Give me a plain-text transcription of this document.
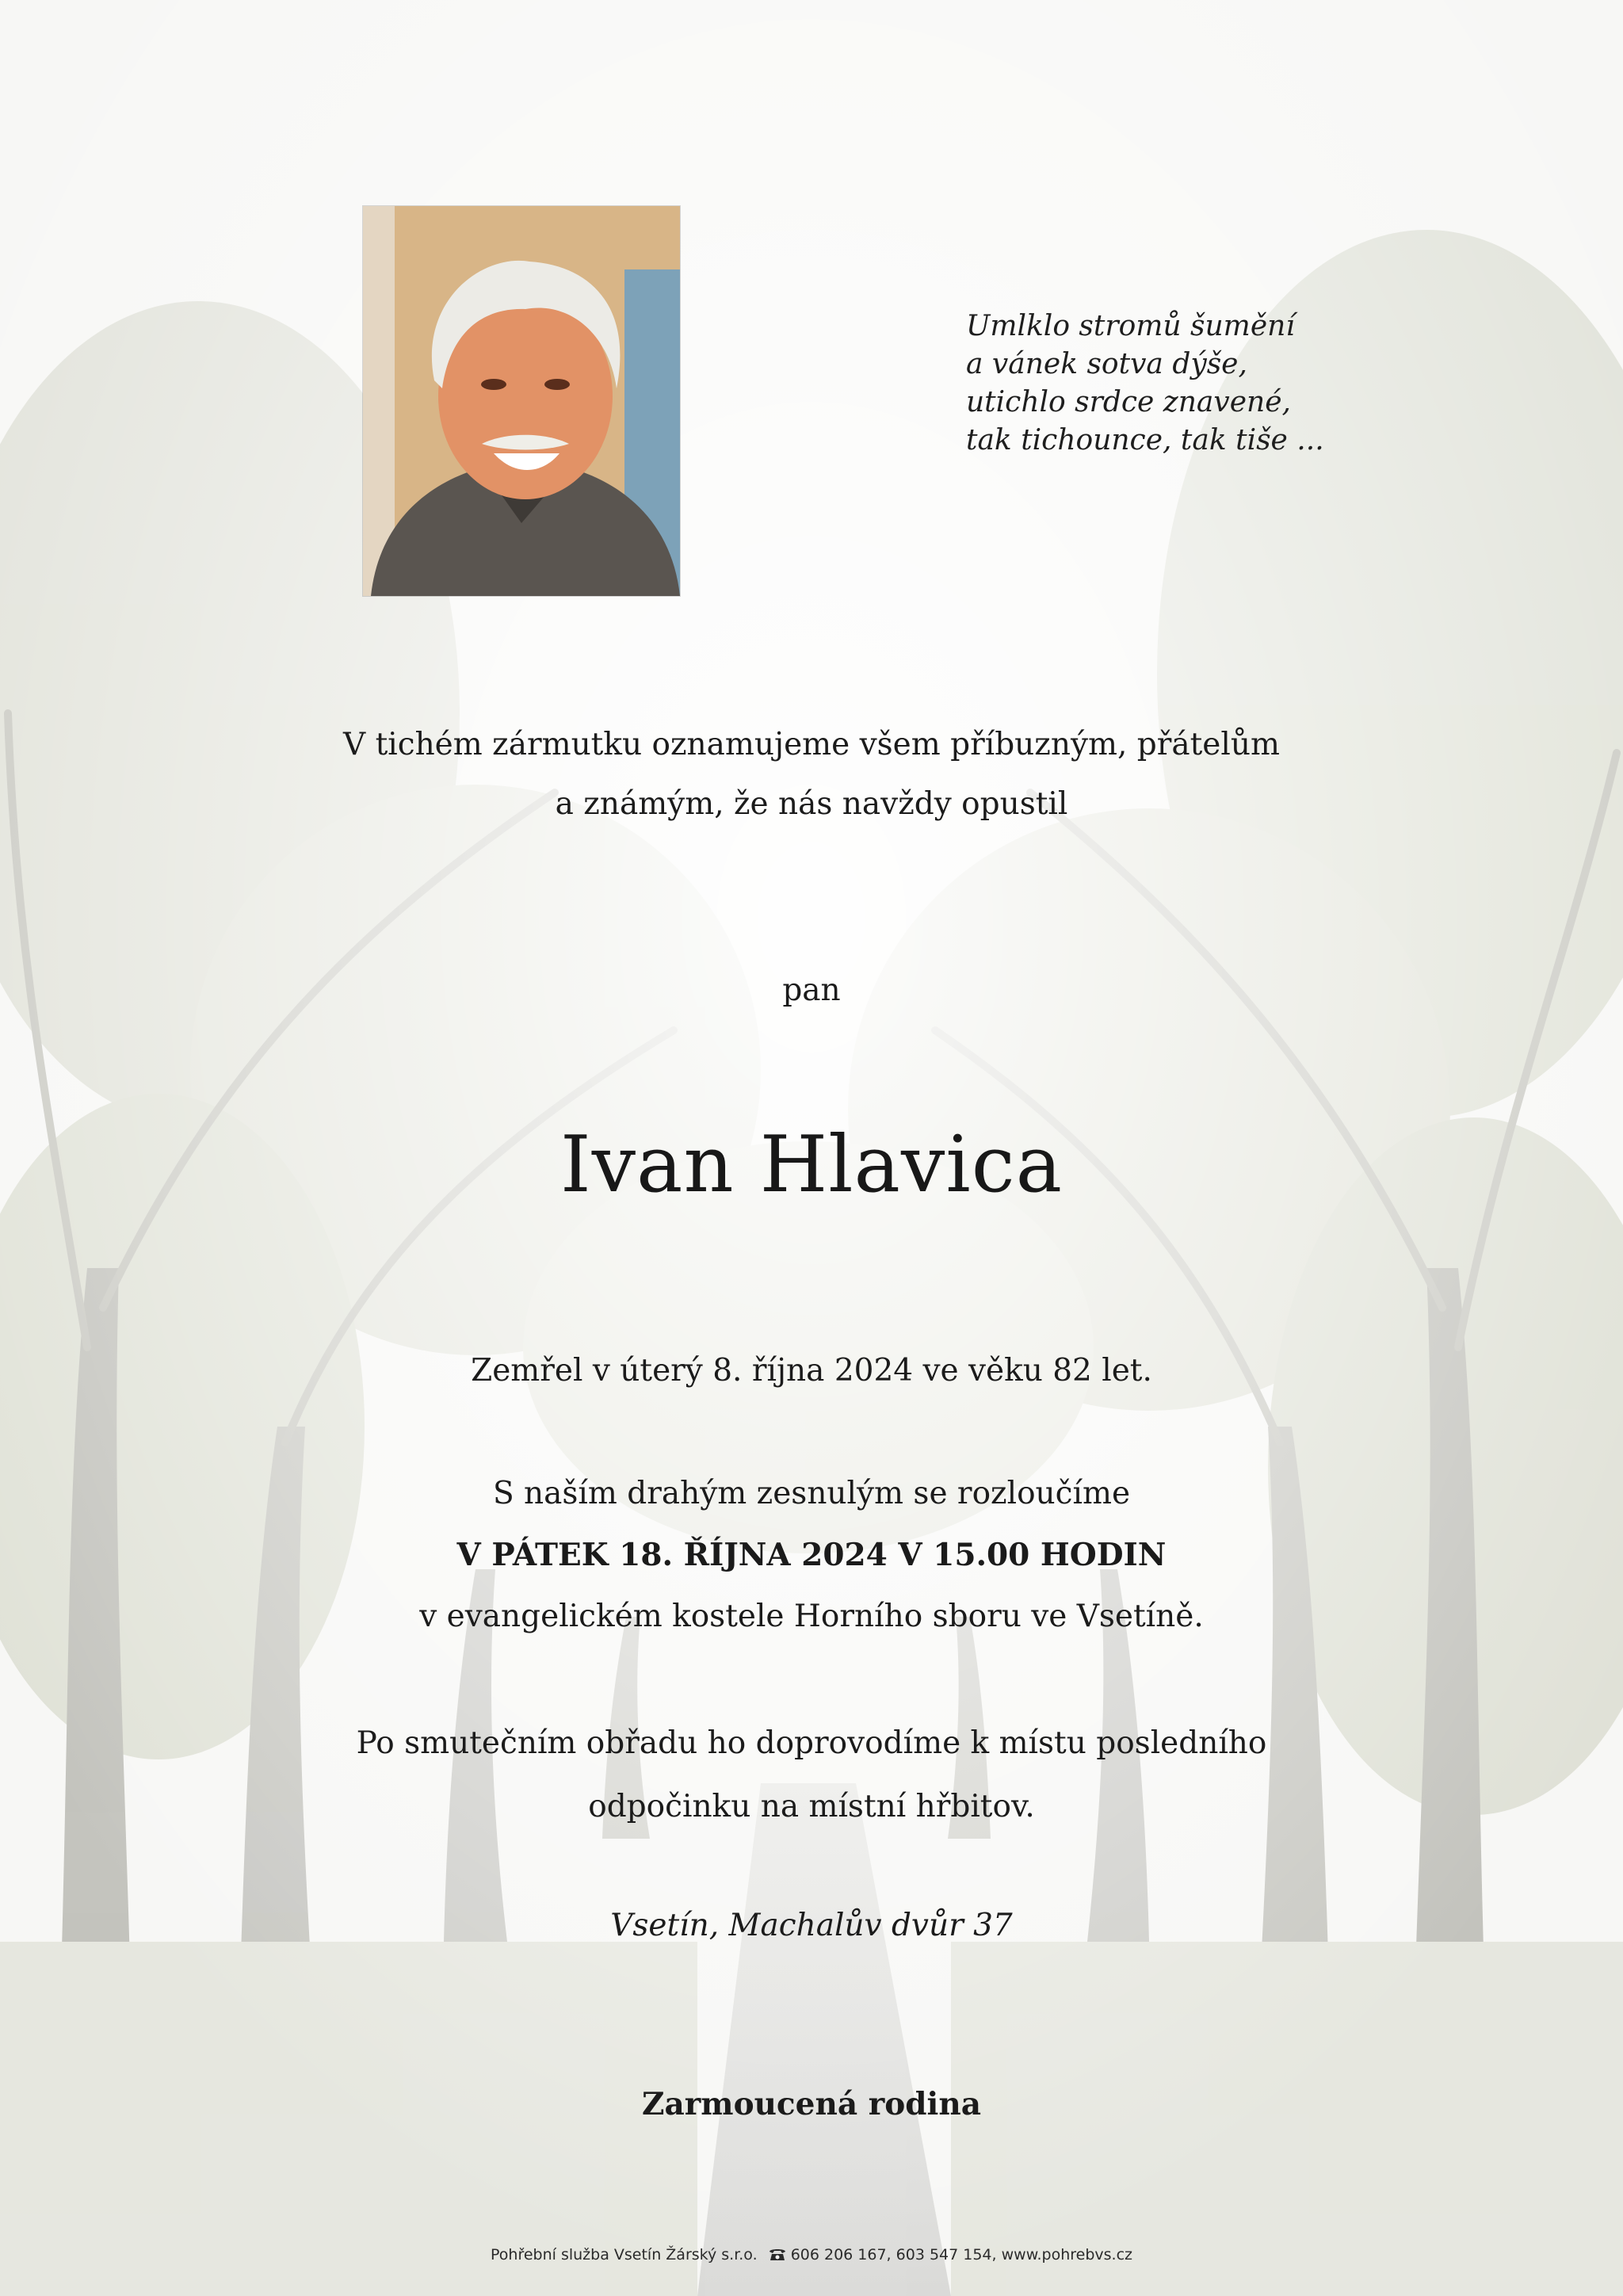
Umlklo stromů šumění
a vánek sotva dýše,
utichlo srdce znavené,
tak tichounce, tak tiše ...
V tichém zármutku oznamujeme všem příbuzným, přátelům
a známým, že nás navždy opustil
pan
Ivan Hlavica
Zemřel v úterý 8. října 2024 ve věku 82 let.
S naším drahým zesnulým se rozloučíme
V PÁTEK 18. ŘÍJNA 2024 V 15.00 HODIN
v evangelickém kostele Horního sboru ve Vsetíně.
Po smutečním obřadu ho doprovodíme k místu posledního
odpočinku na místní hřbitov.
Vsetín, Machalův dvůr 37
Zarmoucená rodina
Pohřební služba Vsetín Žárský s.r.o. 606 206 167, 603 547 154, www.pohrebvs.cz
